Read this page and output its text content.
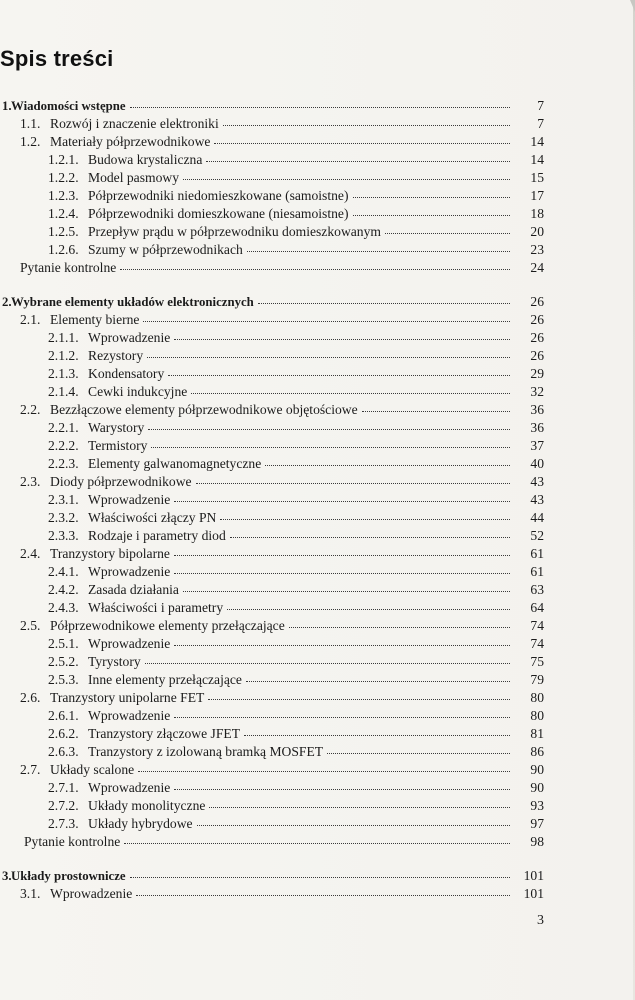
Spis treści
1. Wiadomości wstępne	7
1.1. Rozwój i znaczenie elektroniki	7
1.2. Materiały półprzewodnikowe	14
1.2.1. Budowa krystaliczna	14
1.2.2. Model pasmowy	15
1.2.3. Półprzewodniki niedomieszkowane (samoistne)	17
1.2.4. Półprzewodniki domieszkowane (niesamoistne)	18
1.2.5. Przepływ prądu w półprzewodniku domieszkowanym	20
1.2.6. Szumy w półprzewodnikach	23
Pytanie kontrolne	24
2. Wybrane elementy układów elektronicznych	26
2.1. Elementy bierne	26
2.1.1. Wprowadzenie	26
2.1.2. Rezystory	26
2.1.3. Kondensatory	29
2.1.4. Cewki indukcyjne	32
2.2. Bezzłączowe elementy półprzewodnikowe objętościowe	36
2.2.1. Warystory	36
2.2.2. Termistory	37
2.2.3. Elementy galwanomagnetyczne	40
2.3. Diody półprzewodnikowe	43
2.3.1. Wprowadzenie	43
2.3.2. Właściwości złączy PN	44
2.3.3. Rodzaje i parametry diod	52
2.4. Tranzystory bipolarne	61
2.4.1. Wprowadzenie	61
2.4.2. Zasada działania	63
2.4.3. Właściwości i parametry	64
2.5. Półprzewodnikowe elementy przełączające	74
2.5.1. Wprowadzenie	74
2.5.2. Tyrystory	75
2.5.3. Inne elementy przełączające	79
2.6. Tranzystory unipolarne FET	80
2.6.1. Wprowadzenie	80
2.6.2. Tranzystory złączowe JFET	81
2.6.3. Tranzystory z izolowaną bramką MOSFET	86
2.7. Układy scalone	90
2.7.1. Wprowadzenie	90
2.7.2. Układy monolityczne	93
2.7.3. Układy hybrydowe	97
Pytanie kontrolne	98
3. Układy prostownicze	101
3.1. Wprowadzenie	101
3
